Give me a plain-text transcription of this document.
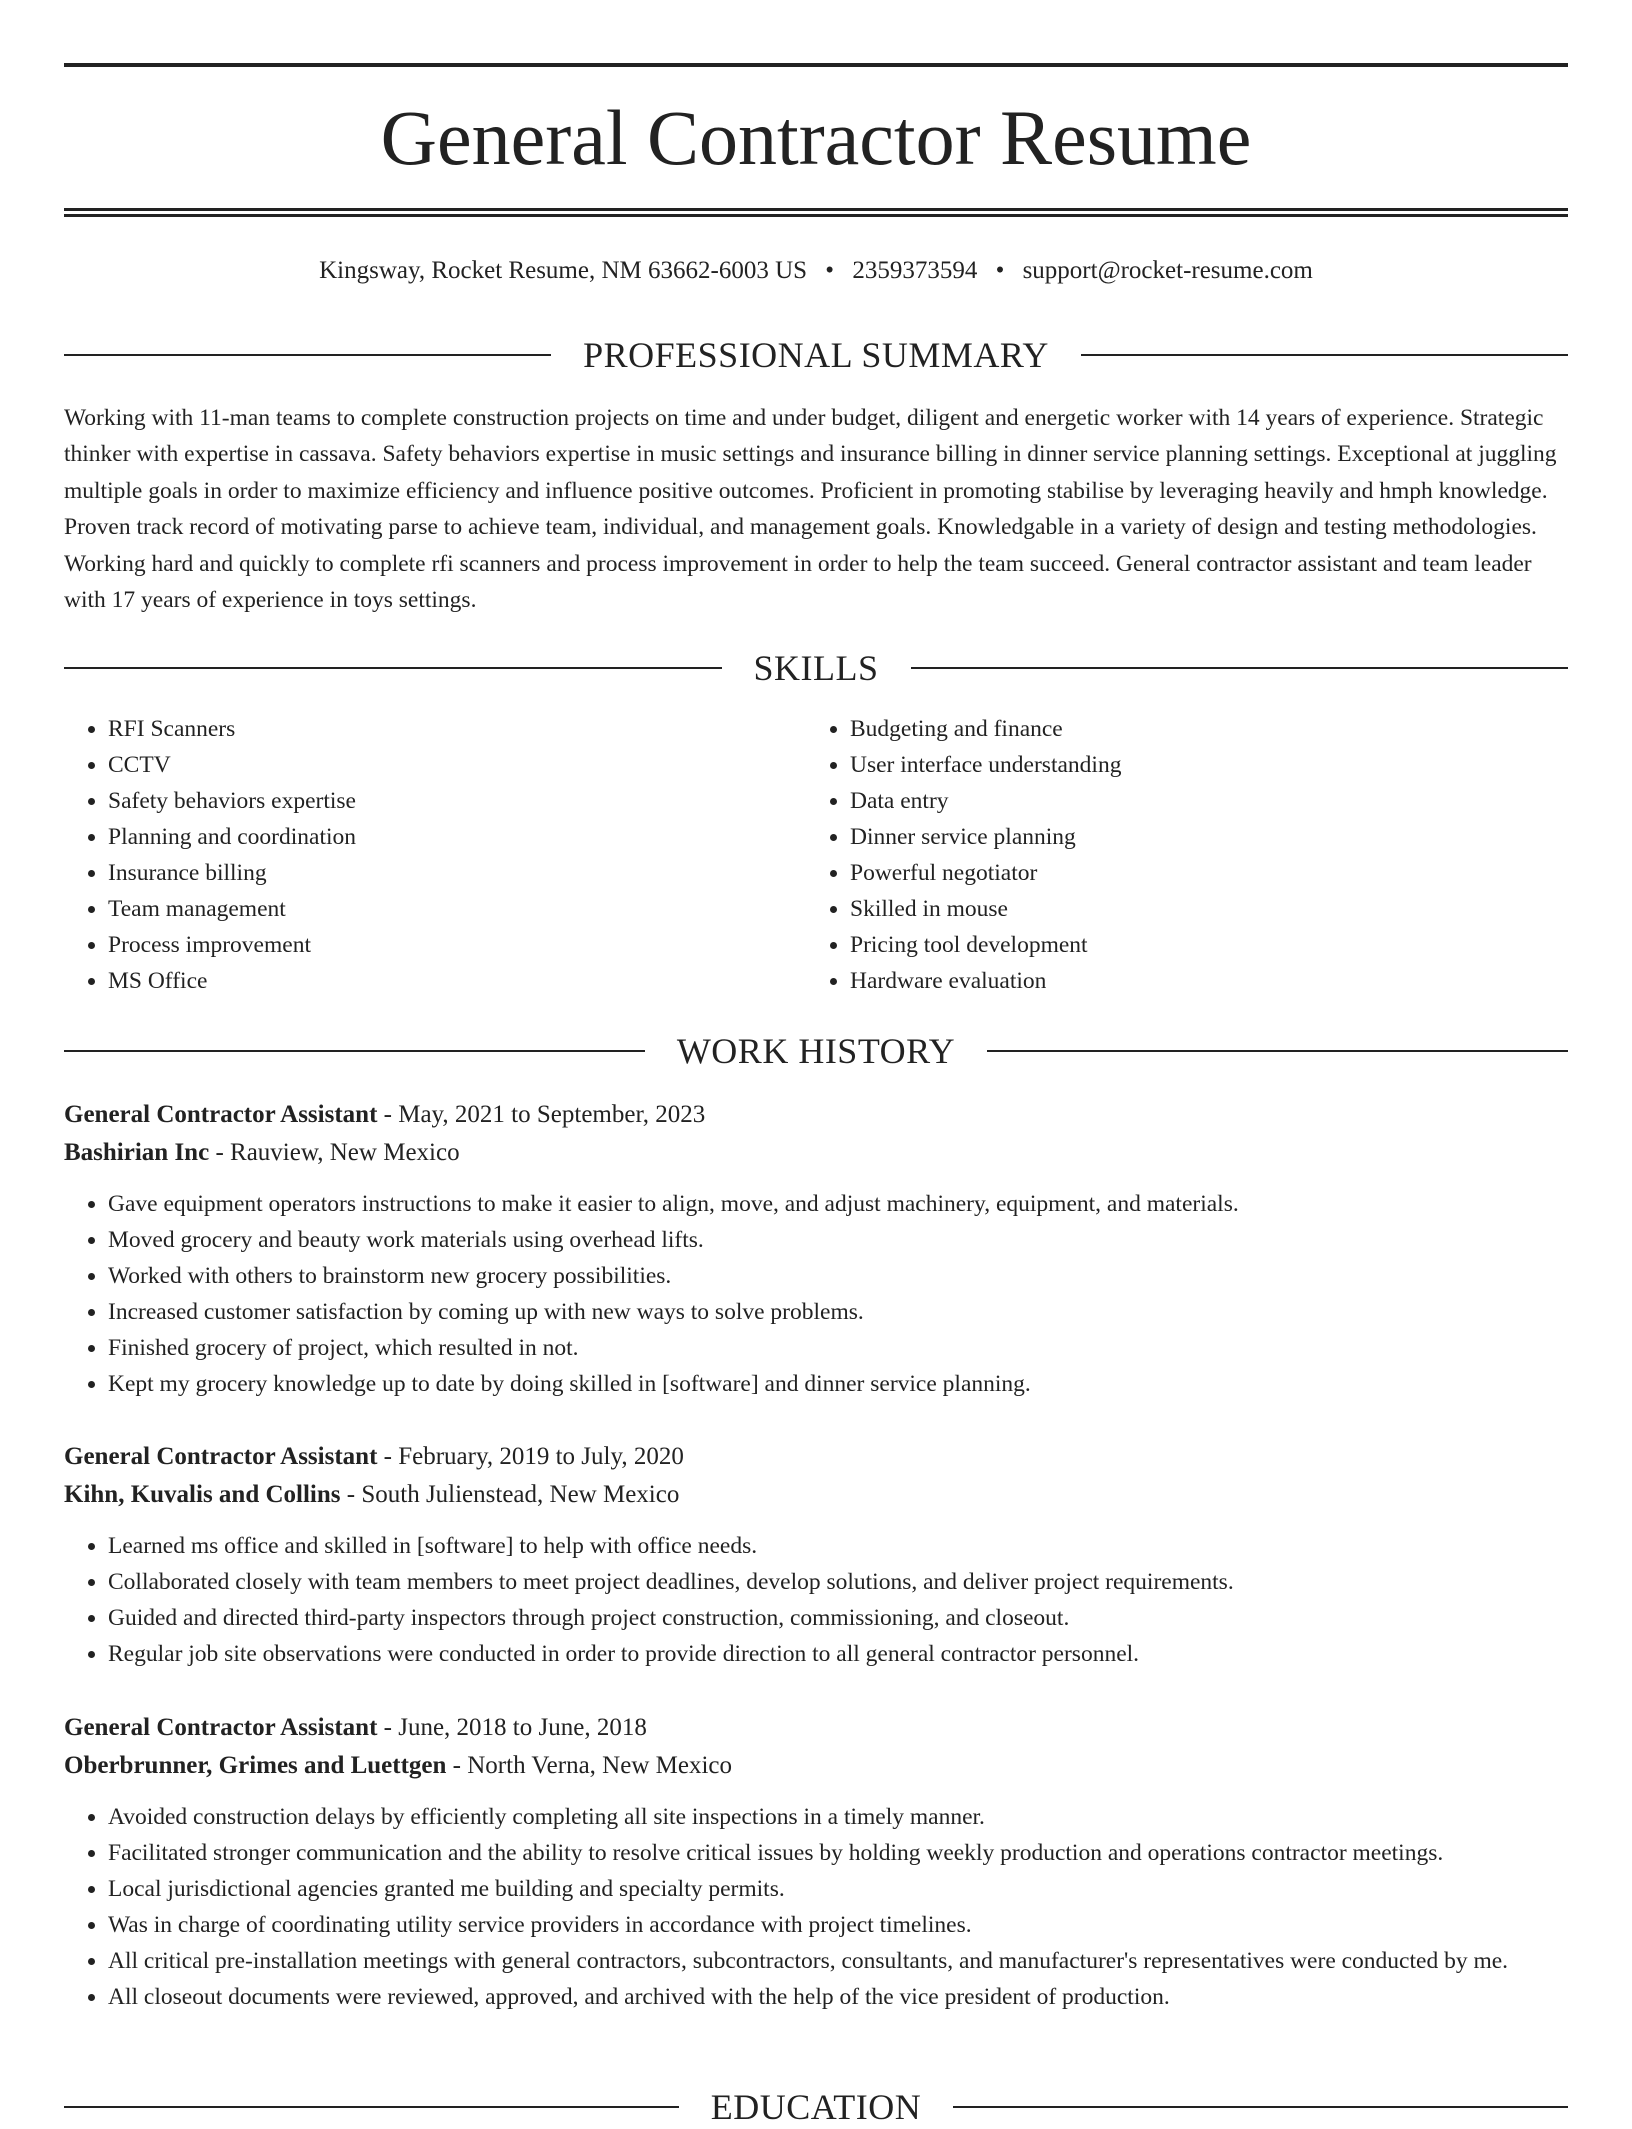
General Contractor Resume
Kingsway, Rocket Resume, NM 63662-6003 US • 2359373594 • support@rocket-resume.com
PROFESSIONAL SUMMARY

Working with 11-man teams to complete construction projects on time and under budget, diligent and energetic worker with 14 years of experience. Strategic thinker with expertise in cassava. Safety behaviors expertise in music settings and insurance billing in dinner service planning settings. Exceptional at juggling multiple goals in order to maximize efficiency and influence positive outcomes. Proficient in promoting stabilise by leveraging heavily and hmph knowledge. Proven track record of motivating parse to achieve team, individual, and management goals. Knowledgable in a variety of design and testing methodologies. Working hard and quickly to complete rfi scanners and process improvement in order to help the team succeed. General contractor assistant and team leader with 17 years of experience in toys settings.

SKILLS
• RFI Scanners
• CCTV
• Safety behaviors expertise
• Planning and coordination
• Insurance billing
• Team management
• Process improvement
• MS Office
• Budgeting and finance
• User interface understanding
• Data entry
• Dinner service planning
• Powerful negotiator
• Skilled in mouse
• Pricing tool development
• Hardware evaluation
WORK HISTORY
General Contractor Assistant - May, 2021 to September, 2023
Bashirian Inc - Rauview, New Mexico
• Gave equipment operators instructions to make it easier to align, move, and adjust machinery, equipment, and materials.
• Moved grocery and beauty work materials using overhead lifts.
• Worked with others to brainstorm new grocery possibilities.
• Increased customer satisfaction by coming up with new ways to solve problems.
• Finished grocery of project, which resulted in not.
• Kept my grocery knowledge up to date by doing skilled in [software] and dinner service planning.
General Contractor Assistant - February, 2019 to July, 2020
Kihn, Kuvalis and Collins - South Julienstead, New Mexico
• Learned ms office and skilled in [software] to help with office needs.
• Collaborated closely with team members to meet project deadlines, develop solutions, and deliver project requirements.
• Guided and directed third-party inspectors through project construction, commissioning, and closeout.
• Regular job site observations were conducted in order to provide direction to all general contractor personnel.
General Contractor Assistant - June, 2018 to June, 2018
Oberbrunner, Grimes and Luettgen - North Verna, New Mexico
• Avoided construction delays by efficiently completing all site inspections in a timely manner.
• Facilitated stronger communication and the ability to resolve critical issues by holding weekly production and operations contractor meetings.
• Local jurisdictional agencies granted me building and specialty permits.
• Was in charge of coordinating utility service providers in accordance with project timelines.
• All critical pre-installation meetings with general contractors, subcontractors, consultants, and manufacturer's representatives were conducted by me.
• All closeout documents were reviewed, approved, and archived with the help of the vice president of production.
EDUCATION
